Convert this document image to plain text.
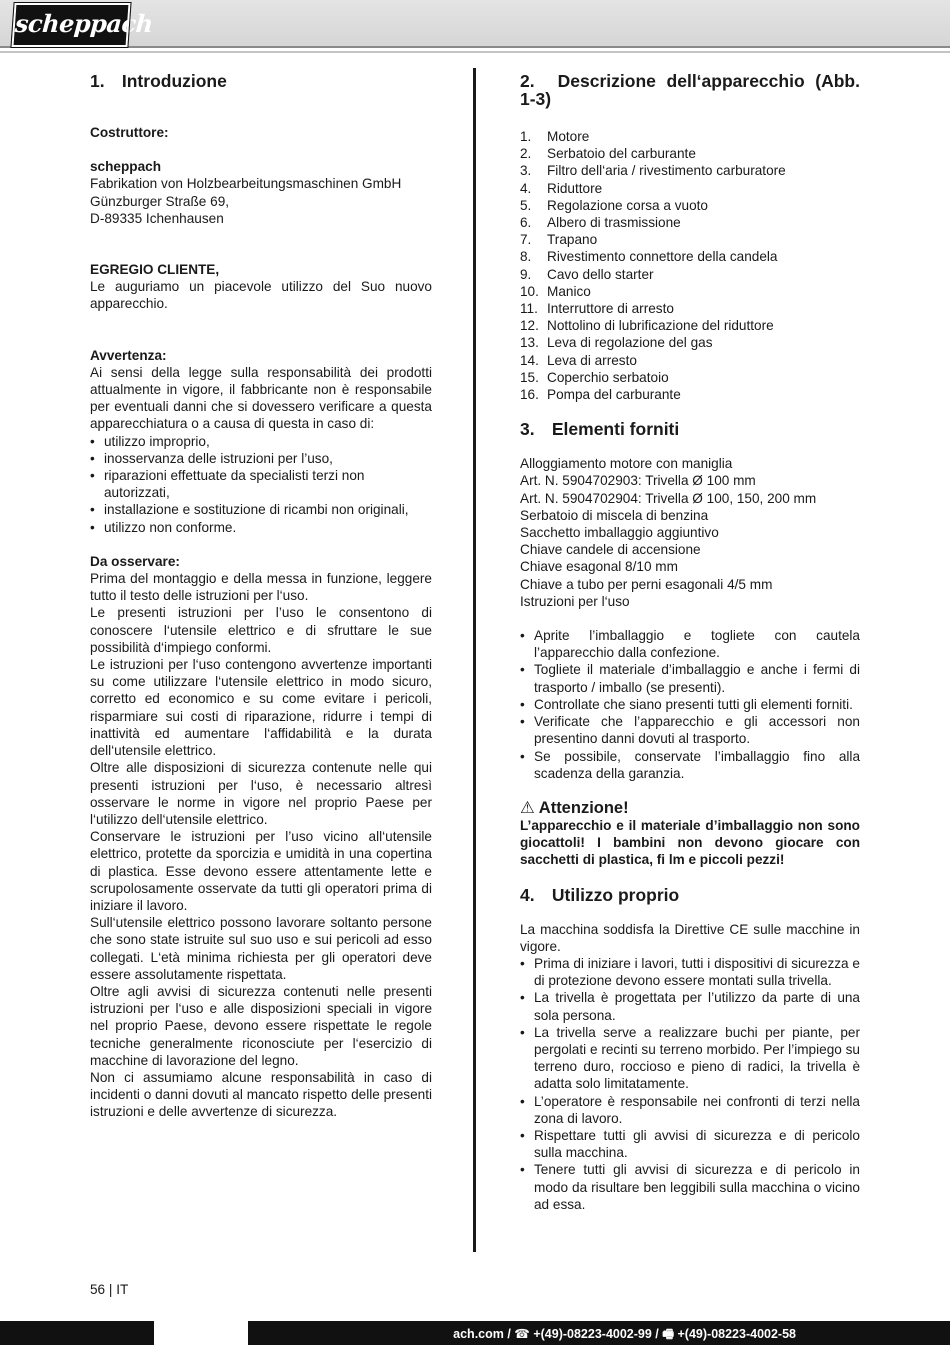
scheppach
1. Introduzione

Costruttore:

scheppach

Fabrikation von Holzbearbeitungsmaschinen GmbH

Günzburger Straße 69,

D-89335 Ichenhausen

EGREGIO CLIENTE,

Le auguriamo un piacevole utilizzo del Suo nuovo apparecchio.

Avvertenza:

Ai sensi della legge sulla responsabilità dei prodotti attualmente in vigore, il fabbricante non è responsabile per eventuali danni che si dovessero verificare a questa apparecchiatura o a causa di questa in caso di:

• utilizzo improprio,
• inosservanza delle istruzioni per l’uso,
• riparazioni effettuate da specialisti terzi non autorizzati,
• installazione e sostituzione di ricambi non originali,
• utilizzo non conforme.

Da osservare:

Prima del montaggio e della messa in funzione, leggere tutto il testo delle istruzioni per l‘uso.

Le presenti istruzioni per l’uso le consentono di conoscere l‘utensile elettrico e di sfruttare le sue possibilità d‘impiego conformi.

Le istruzioni per l‘uso contengono avvertenze importanti su come utilizzare l‘utensile elettrico in modo sicuro, corretto ed economico e su come evitare i pericoli, risparmiare sui costi di riparazione, ridurre i tempi di inattività ed aumentare l‘affidabilità e la durata dell‘utensile elettrico.

Oltre alle disposizioni di sicurezza contenute nelle qui presenti istruzioni per l‘uso, è necessario altresì osservare le norme in vigore nel proprio Paese per l‘utilizzo dell‘utensile elettrico.

Conservare le istruzioni per l’uso vicino all‘utensile elettrico, protette da sporcizia e umidità in una copertina di plastica. Esse devono essere attentamente lette e scrupolosamente osservate da tutti gli operatori prima di iniziare il lavoro.

Sull‘utensile elettrico possono lavorare soltanto persone che sono state istruite sul suo uso e sui pericoli ad esso collegati. L‘età minima richiesta per gli operatori deve essere assolutamente rispettata.

Oltre agli avvisi di sicurezza contenuti nelle presenti istruzioni per l‘uso e alle disposizioni speciali in vigore nel proprio Paese, devono essere rispettate le regole tecniche generalmente riconosciute per l‘esercizio di macchine di lavorazione del legno.

Non ci assumiamo alcune responsabilità in caso di incidenti o danni dovuti al mancato rispetto delle presenti istruzioni e delle avvertenze di sicurezza.

2. Descrizione dell‘apparecchio (Abb. 1-3)
1.	Motore
2.	Serbatoio del carburante
3.	Filtro dell‘aria / rivestimento carburatore
4.	Riduttore
5.	Regolazione corsa a vuoto
6.	Albero di trasmissione
7.	Trapano
8.	Rivestimento connettore della candela
9.	Cavo dello starter
10. Manico
11. Interruttore di arresto
12. Nottolino di lubrificazione del riduttore
13. Leva di regolazione del gas
14. Leva di arresto
15. Coperchio serbatoio
16. Pompa del carburante
3. Elementi forniti

Alloggiamento motore con maniglia

Art. N. 5904702903: Trivella Ø 100 mm

Art. N. 5904702904: Trivella Ø 100, 150, 200 mm

Serbatoio di miscela di benzina

Sacchetto imballaggio aggiuntivo

Chiave candele di accensione

Chiave esagonal 8/10 mm

Chiave a tubo per perni esagonali 4/5 mm

Istruzioni per l‘uso

• Aprite l’imballaggio e togliete con cautela l’apparecchio dalla confezione.
• Togliete il materiale d’imballaggio e anche i fermi di trasporto / imballo (se presenti).
• Controllate che siano presenti tutti gli elementi forniti.
• Verificate che l’apparecchio e gli accessori non presentino danni dovuti al trasporto.
• Se possibile, conservate l’imballaggio fino alla scadenza della garanzia.

⚠ Attenzione!

L’apparecchio e il materiale d’imballaggio non sono giocattoli! I bambini non devono giocare con sacchetti di plastica, fi lm e piccoli pezzi!

4. Utilizzo proprio

La macchina soddisfa la Direttive CE sulle macchine in vigore.

• Prima di iniziare i lavori, tutti i dispositivi di sicurezza e di protezione devono essere montati sulla trivella.
• La trivella è progettata per l’utilizzo da parte di una sola persona.
• La trivella serve a realizzare buchi per piante, per pergolati e recinti su terreno morbido. Per l’impiego su terreno duro, roccioso e pieno di radici, la trivella è adatta solo limitatamente.
• L’operatore è responsabile nei confronti di terzi nella zona di lavoro.
• Rispettare tutti gli avvisi di sicurezza e di pericolo sulla macchina.
• Tenere tutti gli avvisi di sicurezza e di pericolo in modo da risultare ben leggibili sulla macchina o vicino ad essa.
56 | IT
ach.com / ☎ +(49)-08223-4002-99 / 🖷 +(49)-08223-4002-58
